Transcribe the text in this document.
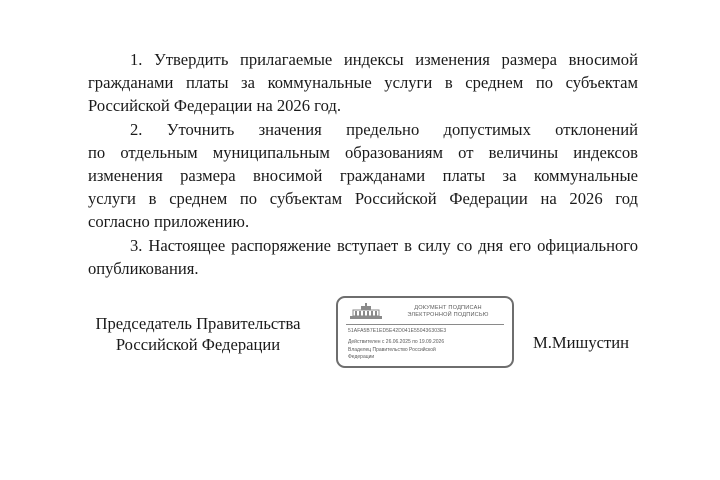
1. Утвердить прилагаемые индексы изменения размера вносимой
гражданами платы за коммунальные услуги в среднем по субъектам
Российской Федерации на 2026 год.

2. Уточнить значения предельно допустимых отклонений
по отдельным муниципальным образованиям от величины индексов
изменения размера вносимой гражданами платы за коммунальные
услуги в среднем по субъектам Российской Федерации на 2026 год
согласно приложению.

3. Настоящее распоряжение вступает в силу со дня его официального
опубликования.

Председатель Правительства
Российской Федерации
ДОКУМЕНТ ПОДПИСАН
ЭЛЕКТРОННОЙ ПОДПИСЬЮ
51AFA5B7E1ED5E42D041E550436303E3
Действителен с 26.06.2025 по 19.09.2026
Владелец Правительство Российской
Федерации
М.Мишустин
